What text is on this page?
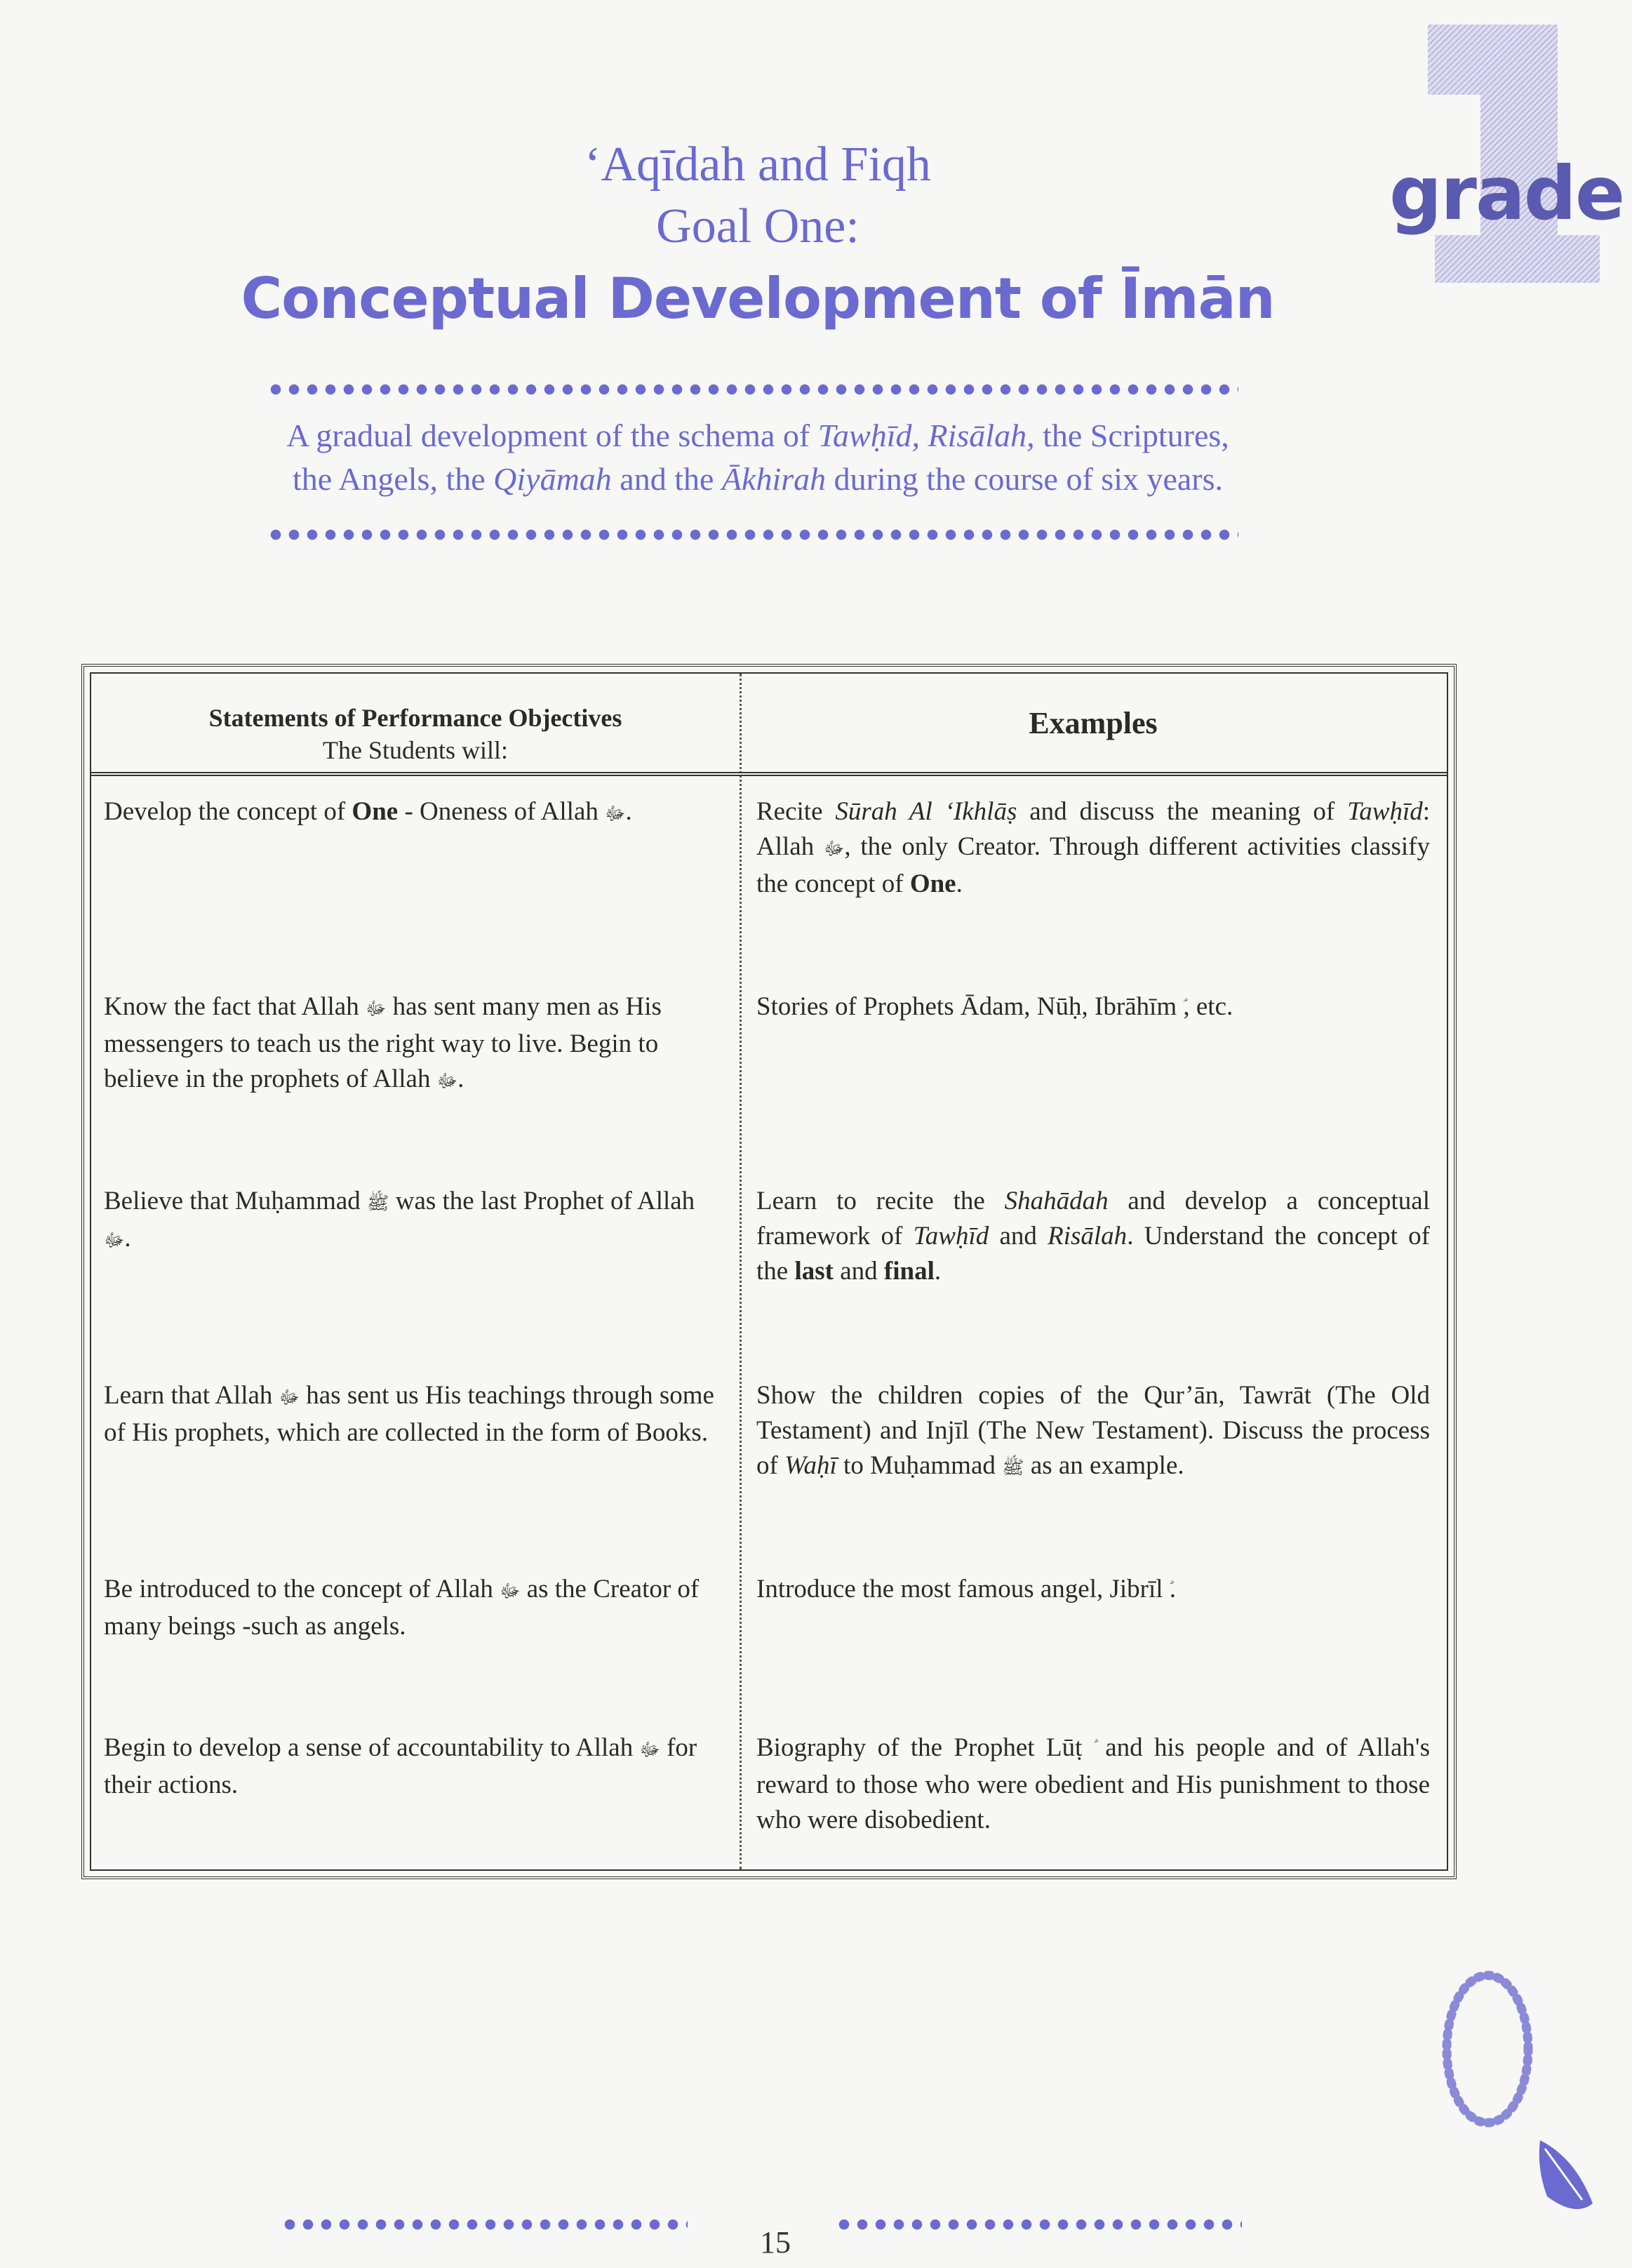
‘Aqīdah and Fiqh
Goal One:
Conceptual Development of Īmān
grade
A gradual development of the schema of Tawḥīd, Risālah, the Scriptures,
the Angels, the Qiyāmah and the Ākhirah during the course of six years.
Statements of Performance Objectives
The Students will:
Examples
Develop the concept of One - Oneness of Allah ﷻ.	Recite Sūrah Al ‘Ikhlāṣ and discuss the meaning of Tawḥīd: Allah ﷻ, the only Creator. Through different activities classify the concept of One.
Know the fact that Allah ﷻ has sent many men as His messengers to teach us the right way to live. Begin to believe in the prophets of Allah ﷻ.
Stories of Prophets Ādam, Nūḥ, Ibrāhīm , etc.
Believe that Muḥammad ﷺ was the last Prophet of Allah ﷻ.
Learn to recite the Shahādah and develop a conceptual framework of Tawḥīd and Risālah. Understand the concept of the last and final.
Learn that Allah ﷻ has sent us His teachings through some of His prophets, which are collected in the form of Books.
Show the children copies of the Qur’ān, Tawrāt (The Old Testament) and Injīl (The New Testament). Discuss the process of Waḥī to Muḥammad ﷺ as an example.
Be introduced to the concept of Allah ﷻ as the Creator of many beings -such as angels.
Introduce the most famous angel, Jibrīl .
Begin to develop a sense of accountability to Allah ﷻ for their actions.
Biography of the Prophet Lūṭ and his people and of Allah's reward to those who were obedient and His punishment to those who were disobedient.
15
